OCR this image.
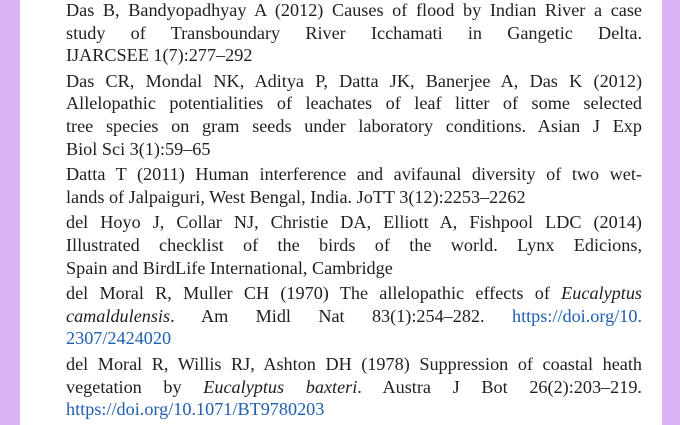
Das B, Bandyopadhyay A (2012) Causes of flood by Indian River a case
study of Transboundary River Icchamati in Gangetic Delta.
IJARCSEE 1(7):277–292

Das CR, Mondal NK, Aditya P, Datta JK, Banerjee A, Das K (2012)
Allelopathic potentialities of leachates of leaf litter of some selected
tree species on gram seeds under laboratory conditions. Asian J Exp
Biol Sci 3(1):59–65

Datta T (2011) Human interference and avifaunal diversity of two wet-
lands of Jalpaiguri, West Bengal, India. JoTT 3(12):2253–2262

del Hoyo J, Collar NJ, Christie DA, Elliott A, Fishpool LDC (2014)
Illustrated checklist of the birds of the world. Lynx Edicions,
Spain and BirdLife International, Cambridge

del Moral R, Muller CH (1970) The allelopathic effects of Eucalyptus
camaldulensis. Am Midl Nat 83(1):254–282. https://doi.org/10.
2307/2424020

del Moral R, Willis RJ, Ashton DH (1978) Suppression of coastal heath
vegetation by Eucalyptus baxteri. Austra J Bot 26(2):203–219.
https://doi.org/10.1071/BT9780203
